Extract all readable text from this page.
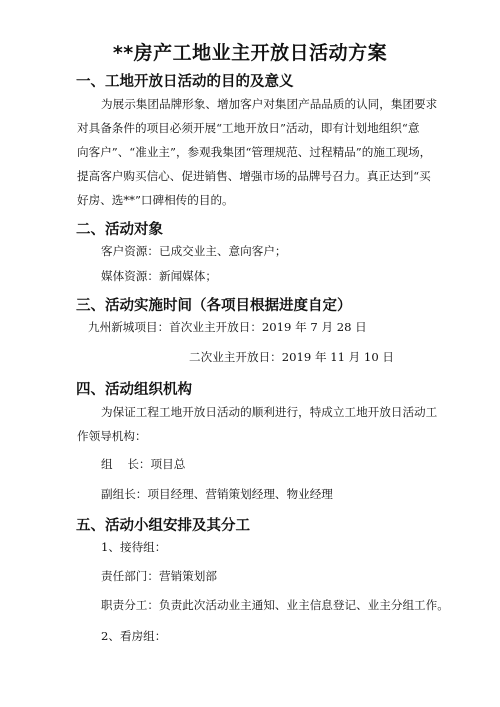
**房产工地业主开放日活动方案
一、工地开放日活动的目的及意义
为展示集团品牌形象、增加客户对集团产品品质的认同，集团要求
对具备条件的项目必须开展“工地开放日”活动，即有计划地组织“意
向客户”、“准业主”，参观我集团“管理规范、过程精品”的施工现场，
提高客户购买信心、促进销售、增强市场的品牌号召力。真正达到“买
好房、选**”口碑相传的目的。
二、活动对象
客户资源：已成交业主、意向客户；
媒体资源：新闻媒体；
三、活动实施时间（各项目根据进度自定）
九州新城项目：首次业主开放日：2019 年 7 月 28 日
二次业主开放日：2019 年 11 月 10 日
四、活动组织机构
为保证工程工地开放日活动的顺利进行，特成立工地开放日活动工
作领导机构：
组    长：项目总
副组长：项目经理、营销策划经理、物业经理
五、活动小组安排及其分工
1、接待组：
责任部门：营销策划部
职责分工：负责此次活动业主通知、业主信息登记、业主分组工作。
2、看房组：
